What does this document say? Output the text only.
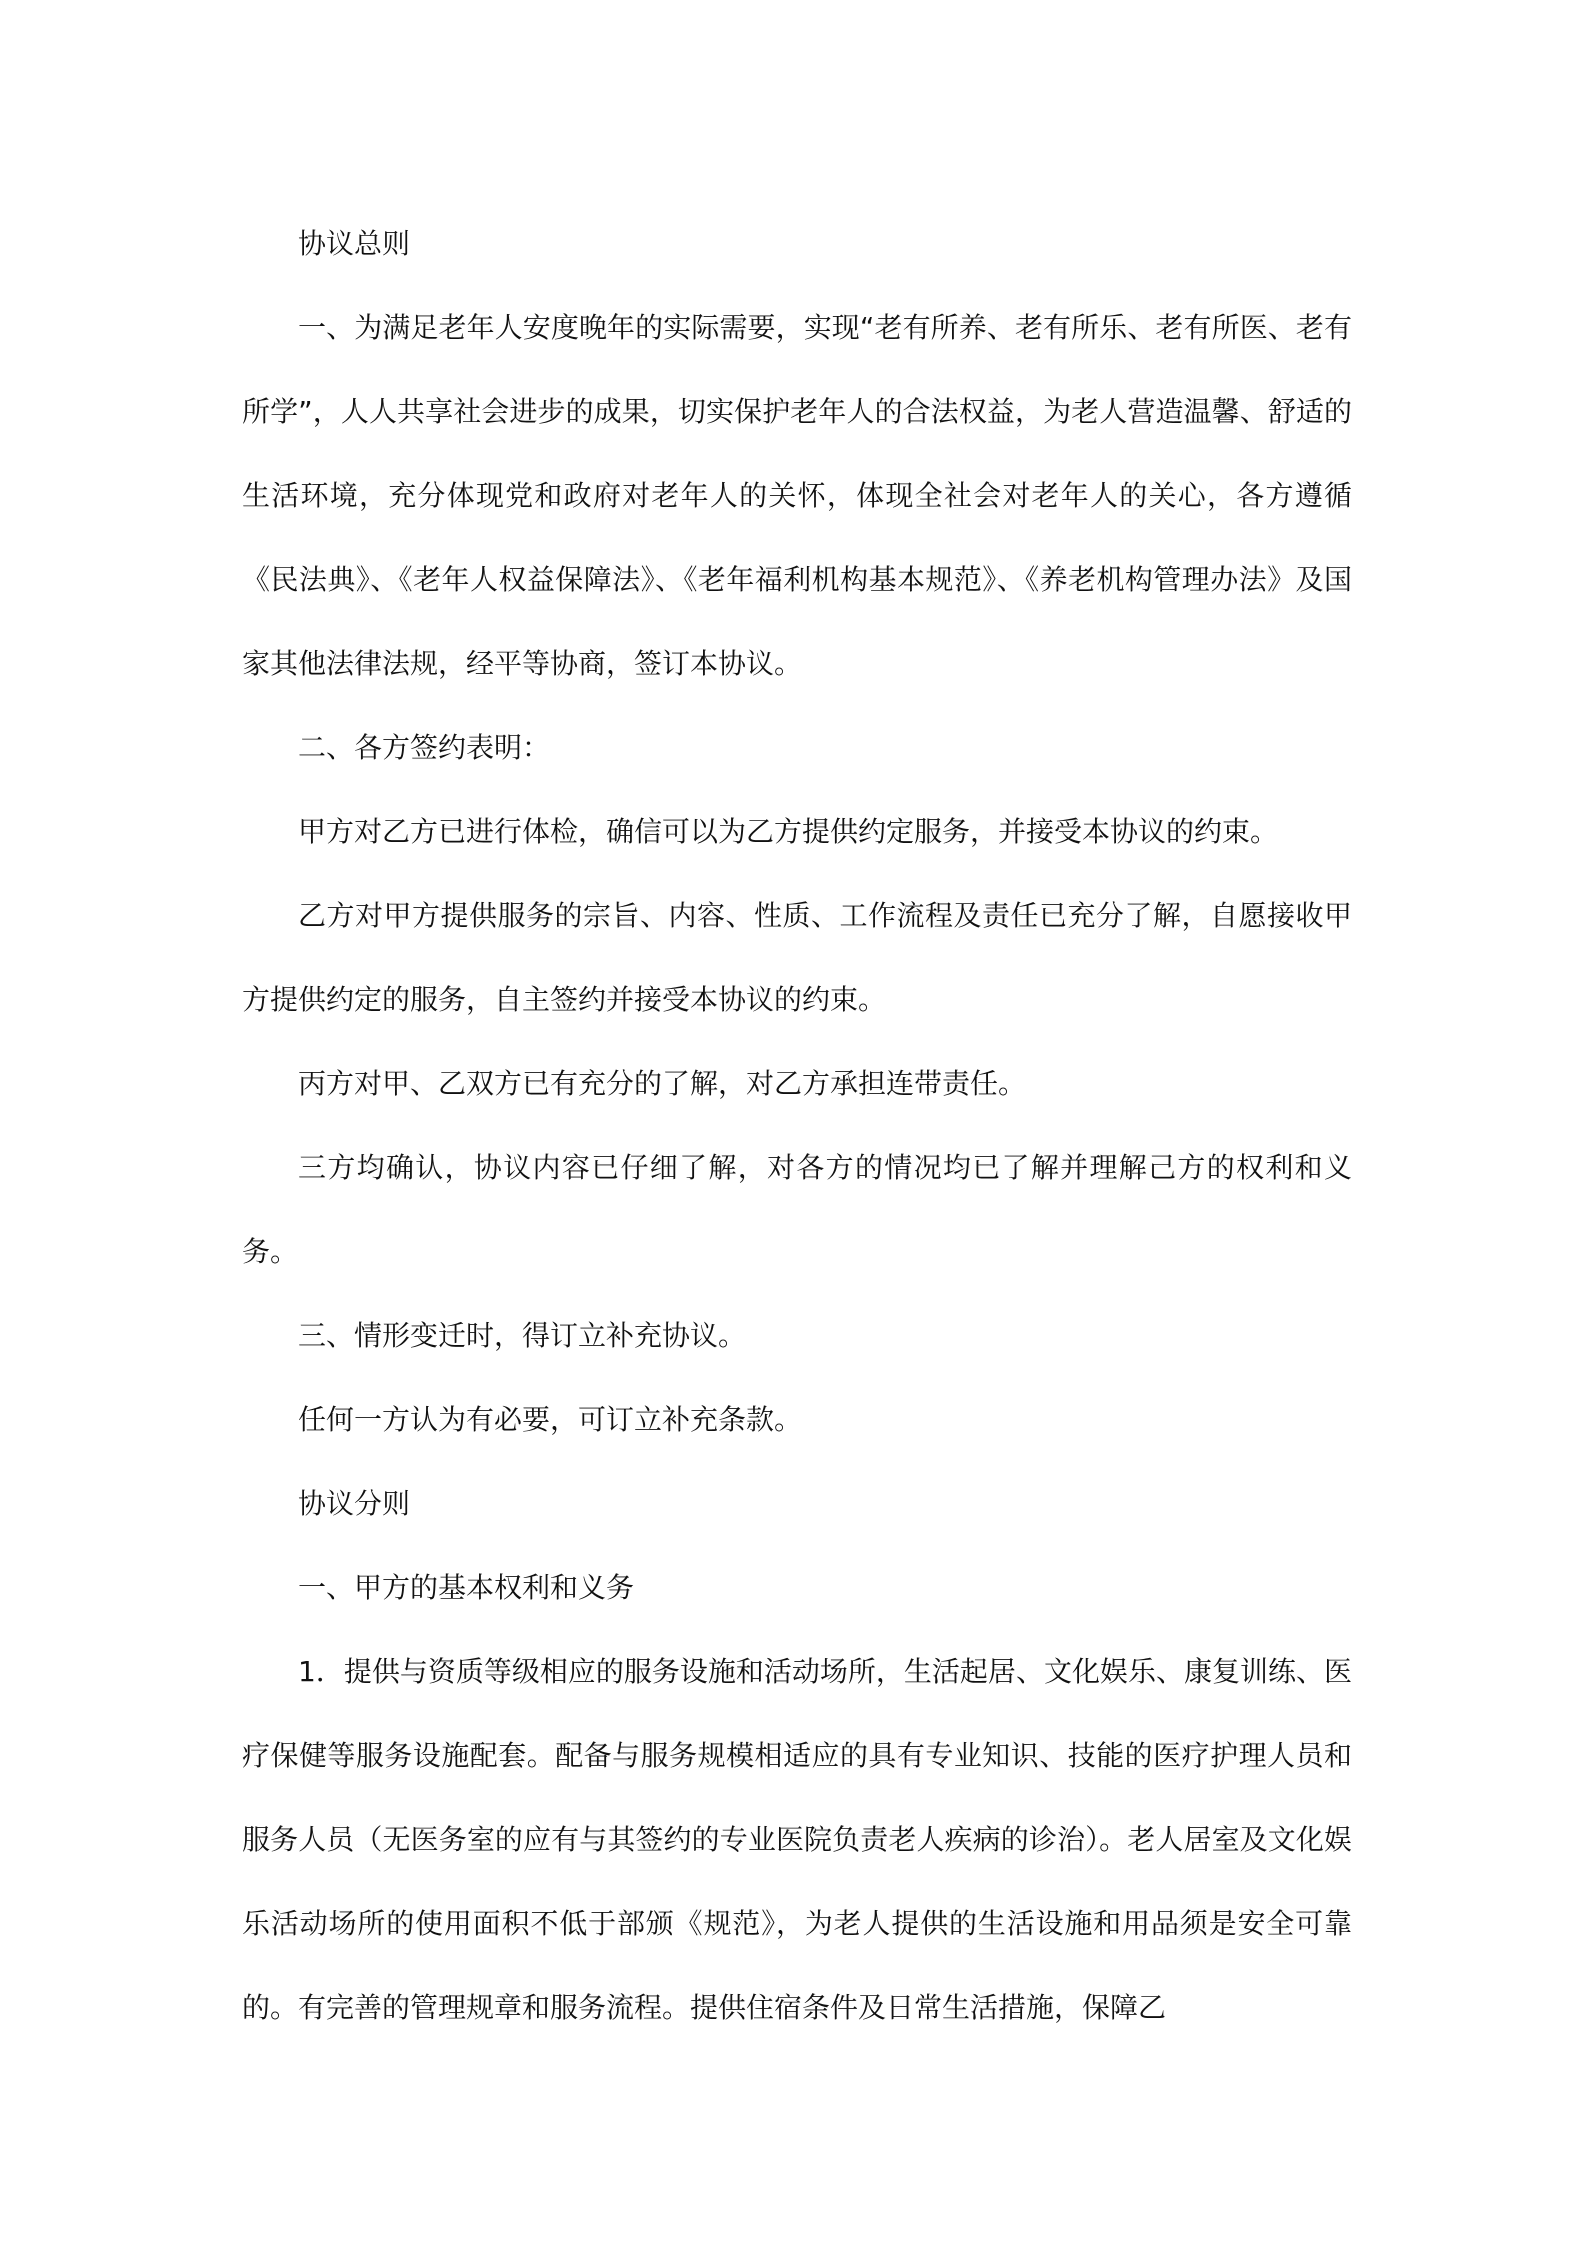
协议总则

一、为满足老年人安度晚年的实际需要，实现“老有所养、老有所乐、老有所医、老有所学”，人人共享社会进步的成果，切实保护老年人的合法权益，为老人营造温馨、舒适的生活环境，充分体现党和政府对老年人的关怀，体现全社会对老年人的关心，各方遵循《民法典》、《老年人权益保障法》、《老年福利机构基本规范》、《养老机构管理办法》及国家其他法律法规，经平等协商，签订本协议。

二、各方签约表明：

甲方对乙方已进行体检，确信可以为乙方提供约定服务，并接受本协议的约束。

乙方对甲方提供服务的宗旨、内容、性质、工作流程及责任已充分了解，自愿接收甲方提供约定的服务，自主签约并接受本协议的约束。

丙方对甲、乙双方已有充分的了解，对乙方承担连带责任。

三方均确认，协议内容已仔细了解，对各方的情况均已了解并理解己方的权利和义务。

三、情形变迁时，得订立补充协议。

任何一方认为有必要，可订立补充条款。

协议分则

一、甲方的基本权利和义务

1．提供与资质等级相应的服务设施和活动场所，生活起居、文化娱乐、康复训练、医疗保健等服务设施配套。配备与服务规模相适应的具有专业知识、技能的医疗护理人员和服务人员（无医务室的应有与其签约的专业医院负责老人疾病的诊治）。老人居室及文化娱乐活动场所的使用面积不低于部颁《规范》，为老人提供的生活设施和用品须是安全可靠的。有完善的管理规章和服务流程。提供住宿条件及日常生活措施，保障乙
